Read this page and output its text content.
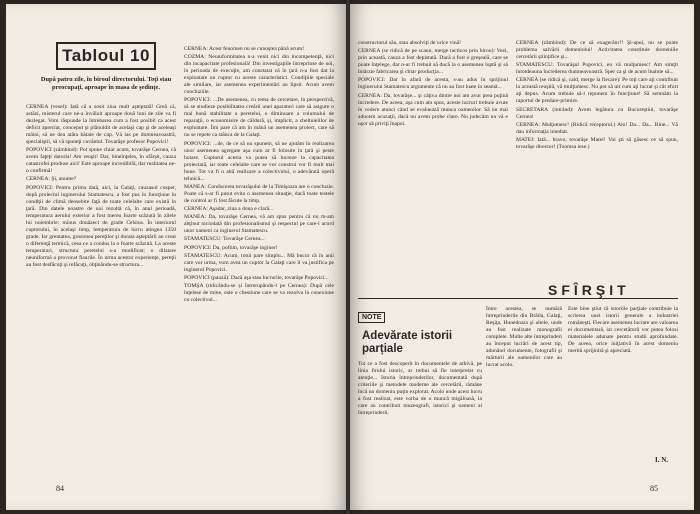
Tabloul 10
După patru zile, în biroul directorului. Toţi stau preocupaţi, aproape în masa de şedinţe.

CERNEA (vesel): Iată că a sosit ziua mult aşteptată! Greă că, astăzi, misterul care ne-a învăluit aproape două luni de zile va fi dezlegat. Vom răspunde la întrebarea cum a fost posibil ca acest deficit apreciat, conceput şi plănuidit de acelaşi cap şi de aceleaşi mâini, să ne dea atâta bătaie de cap. Vă las pe dumneavoastră, specialiştii, să vă spuneţi cuvântul. Tovarăşe profesor Popovici!

POPOVICI (zâmbind): Pot spune chiar acum, tovarăşe Cernea, că avem faţeţi datoria! Am reuşit! Dar, bineînţeles, în sfârşit, cauza catastrofei produse aici! Este aproape incredibilă, dar realitatea ne-o confirmă!

CERNEA: Şi, anume?

POPOVICI: Pentru prima dată, aici, la Galaţi, cauzasul cusper, după proiectul inginerului Stamatescu, a fost pus în funcţiune în condiţii de climă deosebite faţă de toate celelalte care există în ţară. Din datele noastre de noi rezultă că, în anul perioadă, temperatura aerului exterior a fost mereu foarte scăzută în zilele lui noiembrie: minus douăzeci de grade Celsius. În interiorul cuptorului, în acelaşi timp, temperatura de lucru atingea 1350 grade. Iar greutatea, grosimea pereţilor şi durata aşteptării au creat o diferenţă termică, ceea ce a condus la o foarte scăzută. La aceste temperaturi, structura peretelui s-a modificat; o dilatare neuniformă a provocat fisurile. În urma acestor experienţe, pereţii au fost desfăcuţi şi refăcuţi, obţinându-se structura...

CERNEA: Acest fenomen nu se cunoştea până acum!

COZMA: Neuniformitatea n-a venit nici din incompetenţă, nici din incapacitate profesională! Din investigaţiile întreprinse de noi, în perioada de execuţie, am constatat că în ţară n-a fost dat la exploatare un cuptor cu aceste caracteristici. Condiţiile speciale ale similare, iar asemenea experimentări au lipsit. Acum avem concluziile.

POPOVICI: ...De asemenea, cu tema de cercetare, în perspectivă, să se studieze posibilitatea creării unei aparaturi care să asigure o mai bună stabilitate a peretelui, o diminuare a volumului de reparaţii, o economisire de căldură, şi, implicit, a cheltuielilor de exploatare. Îmi pare că am în mână un asemenea proiect, care să nu se repete ca stânca de la Galaţi.

POPOVICI: ...de, de ce să nu spunem, să ne ajutăm în realizarea unor asemenea agregate aşa cum ar fi folosite în ţară şi peste hotare. Cuptorul acesta va putea să lucreze la capacitatea proiectată, iar toate celelalte care se vor construi vor fi mult mai bune. Tot va fi o altă realizare a colectivului, o adevărată operă tehnică...

MANEA: Conducerea tovarăşului de la Timişoara are o concluzie. Poate că s-ar fi putut evita o asemenea situaţie, dacă toate testele de control ar fi fost făcute la timp.

CERNEA: Aşadar, ziua a doua e clară...

MANEA: Da, tovarăşe Cernea, vă am spus pentru că nu m-am abţinut niciodată din profesionalismul şi respectul pe care-l acord unor oameni ca inginerul Stamatescu.

STAMATESCU: Tovarăşe Cernea...

POPOVICI: Da, poftim, tovarăşe inginer!

STAMATESCU: Acum, totul pare simplu... Mă bucur că în anii care vor urma, vom avea un cuptor la Galaţi care îl va justifica pe inginerul Popovici.

POPOVICI (pauză): Dacă aşa stau lucrurile, tovarăşe Popovici...

TOMŞA (ridicându-se și întrerupându-l pe Cernea): După cele înţelese de mine, este o chestiune care se va rezolva în conexiune cu colectivul...

84

constructorul său, stau absolviţi de orice vină!

CERNEA (se ridică de pe scaun, merge tacticos prin birou): Vezi, prin această, cauza a fost depistată. Dacă a fost o greşeală, care se poate înţelege, dar n-ar fi trebuit să ducă la o asemenea luptă şi să întârzie fabricarea şi chiar producţia...

POPOVICI: Dar în afară de acesta, s-au adus în sprijinul inginerului Stamatescu argumente că nu au fost luate în seamă...

CERNEA: Da, tovarăşe... şi câţiva dintre noi am avut prea puţină încredere. De aceea, aşa cum am spus, aceste lucruri trebuie avute în vedere atunci când se evaluează munca oamenilor. Să nu mai aducem acuzaţii, dacă nu avem probe clare. Nu judecăm nu vă e uşor să priviţi înapoi.

CERNEA (zâmbind): De ce să exagerăm?! Şi-apoi, nu se poate problema salvării domeniului! Activitatea constituie domeniile cercetării științifice şi...

STAMATESCU: Tovarăşul Popovici, eu vă mulţumesc! Am simţit întotdeauna încrederea dumneavoastră. Sper ca şi de acum înainte să...

CERNEA (se ridică şi, cald, merge la fiecare): Pe toţi care aţi contribuit la această reuşită, vă mulţumesc. Nu pot să uit cum aţi lucrat şi cât efort aţi depus. Acum trebuie să-l repunem în funcţiune! Să semnăm la raportul de predare-primire.

SECRETARA (intrând): Avem legătura cu Bucureştiul, tovarăşe Cernea!

CERNEA: Mulţumesc! (Ridică receptorul.) Alo! Da... Da... Bine... Vă dau informaţia imediat.

MATEI: Iată... bravo, tovarăşe Matei! Voi şti să găsesc ce să spun, tovarăşe director! (Toomsa iese.)

SFÎRŞIT
NOTE
Adevărate istorii parțiale
Tot ce a fost descoperit în documentele de arhivă, pe linia firului istoric, ar trebui să fie interpretat cu atenţie... Istoria întreprinderilor, documentată după criteriile şi metodele moderne ale cercetării, rămâne încă un domeniu puţin explorat. Acolo unde acest lucru a fost realizat, este vorba de o muncă migăloasă, la care au contribuit muzeografi, istorici şi oameni ai întreprinderii.
Între acestea, se numără întreprinderile din Brăila, Galaţi, Reşiţa, Hunedoara şi altele, unde au fost realizate monografii complete. Multe alte întreprinderi au început lucrări de acest tip, adunând documente, fotografii şi mărturii ale oamenilor care au lucrat acolo.
Este bine ştiut că istoriile parţiale contribuie la scrierea unei istorii generale a industriei româneşti. Fiecare asemenea lucrare are valoarea ei documentară, iar cercetătorii vor putea folosi materialele adunate pentru studii aprofundate. De aceea, orice iniţiativă în acest domeniu merită sprijinită şi apreciată.
I. N.
85
